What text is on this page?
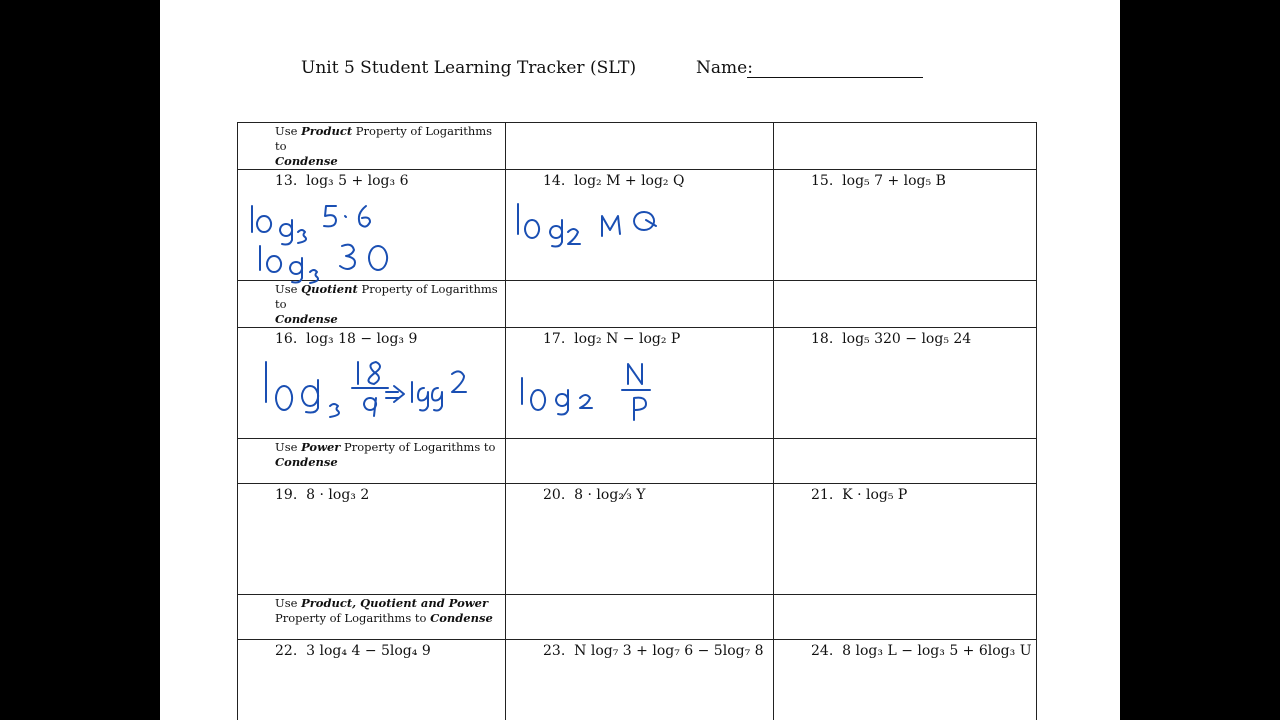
Unit 5 Student Learning Tracker (SLT)	Name:
Use Product Property of Logarithms to
Condense		

13. log₃ 5 + log₃ 6	14. log₂ M + log₂ Q	15. log₅ 7 + log₅ B

Use Quotient Property of Logarithms to
Condense		

16. log₃ 18 − log₃ 9	17. log₂ N − log₂ P	18. log₅ 320 − log₅ 24

Use Power Property of Logarithms to
Condense		

19. 8 · log₃ 2	20. 8 · log₂⁄₃ Y	21. K · log₅ P

Use Product, Quotient and Power
Property of Logarithms to Condense		

22. 3 log₄ 4 − 5log₄ 9	23. N log₇ 3 + log₇ 6 − 5log₇ 8	24. 8 log₃ L − log₃ 5 + 6log₃ U
